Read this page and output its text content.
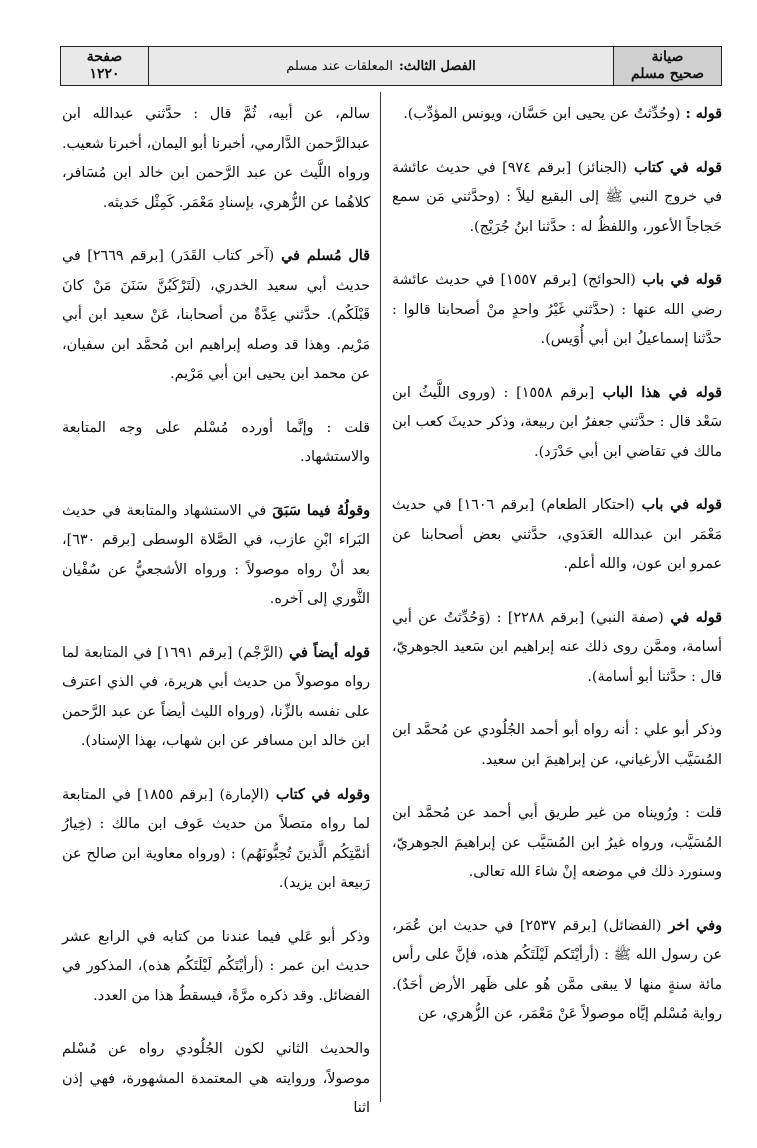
صيانة
صحيح مسلم
الفصل الثالث:
المعلقات عند مسلم
صفحة
١٢٢٠

قوله : (وحُدِّثتُ عن يحيى ابن حَسَّان، ويونس المؤدِّب).

قوله في كتاب (الجنائز) [برقم ٩٧٤] في حديث عائشة في خروج النبي ﷺ إلى البقيع ليلاً : (وحدَّثني مَن سمع حَجاجاً الأعور، واللفظُ له : حدَّثنا ابنُ جُرَيْج).

قوله في باب (الحوائج) [برقم ١٥٥٧] في حديث عائشة رضي الله عنها : (حدَّثني غَيْرُ واحدٍ منْ أصحابنا قالوا : حدَّثنا إسماعيلُ ابن أبي أُوَيس).

قوله في هذا الباب [برقم ١٥٥٨] : (وروى اللَّيثُ ابن سَعْد قال : حدَّثني جعفرُ ابن ربيعة، وذكر حديثَ كعب ابن مالك في تقاضي ابن أبي حَدْرَد).

قوله في باب (احتكار الطعام) [برقم ١٦٠٦] في حديث مَعْمَر ابن عبدالله العَدَوي، حدَّثني بعض أصحابنا عن عمرو ابن عون، والله أعلم.

قوله في (صفة النبي) [برقم ٢٢٨٨] : (وَحُدِّثتُ عن أبي أسامة، وممَّن روى ذلك عنه إبراهيم ابن سَعيد الجوهريّ، قال : حدَّثنا أبو أسامة).

وذكر أبو علي : أنه رواه أبو أحمد الجُلُودي عن مُحمَّد ابن المُسَيَّب الأرغياني، عن إبراهيمَ ابن سعيد.

قلت : ورُويناه من غير طريق أبي أحمد عن مُحمَّد ابن المُسَيَّب، ورواه غيرُ ابن المُسَيَّب عن إبراهيمَ الجوهريّ، وسنورد ذلك في موضعه إنْ شاءَ الله تعالى.

وفي اخر (الفضائل) [برقم ٢٥٣٧] في حديث ابن عُمَر، عن رسول الله ﷺ : (أرأيْتَكم لَيْلَتَكُم هذه، فإنَّ على رأس مائة سنةٍ منها لا يبقى ممَّن هُو على ظَهر الأرض أحَدٌ). رواية مُسْلم إيَّاه موصولاً عَنْ مَعْمَر، عن الزُّهري، عن

سالم، عن أبيه، ثُمَّ قال : حدَّثني عبدالله ابن عبدالرَّحمن الدَّارمي، أخبرنا أبو اليمان، أخبرنا شعيب. ورواه اللَّيث عن عبد الرَّحمن ابن خالد ابن مُسَافر، كلاهُما عن الزُّهري، بإسنادِ مَعْمَر. كَمِثْل حَديثه.

قال مُسلم في (آخر كتاب القَدَر) [برقم ٢٦٦٩] في حديث أبي سعيد الخدري، (لَتَرْكَبُنَّ سَنَنَ مَنْ كانَ قَبْلَكُم). حدَّثني عِدَّةٌ من أصحابنا، عَنْ سعيد ابن أبي مَرْيم. وهذا قد وصله إبراهيم ابن مُحمَّد ابن سفيان، عن محمد ابن يحيى ابن أبي مَرْيم.

قلت : وإنَّما أورده مُسْلم على وجه المتابعة والاستشهاد.

وقولُهُ فيما سَبَقَ في الاستشهاد والمتابعة في حديث البَراء ابْنِ عازب، في الصَّلاة الوسطى [برقم ٦٣٠]، بعد أنْ رواه موصولاً : ورواه الأشجعيُّ عن سُفْيان الثَّوري إلى آخره.

قوله أيضاً في (الرَّجْم) [برقم ١٦٩١] في المتابعة لما رواه موصولاً من حديث أبي هريرة، في الذي اعترف على نفسه بالزِّنا، (ورواه الليث أيضاً عن عبد الرَّحمن ابن خالد ابن مسافر عن ابن شهاب، بهذا الإسناد).

وقوله في كتاب (الإمارة) [برقم ١٨٥٥] في المتابعة لما رواه متصلاً من حديث عَوف ابن مالك : (خِيارُ أئمَّتِكُم الَّذينَ تُحِبُّونَهُم) : (ورواه معاوية ابن صالح عن رَبيعة ابن يزيد).

وذكر أبو عَلي فيما عندنا من كتابه في الرابع عشر حديث ابن عمر : (أرأيْتَكُم لَيْلَتَكُم هذه)، المذكور في الفضائل. وقد ذكره مرَّةً، فيسقطُ هذا من العدد.

والحديث الثاني لكون الجُلُودي رواه عن مُسْلم موصولاً، وروايته هي المعتمدة المشهورة، فهي إذن اثنا
